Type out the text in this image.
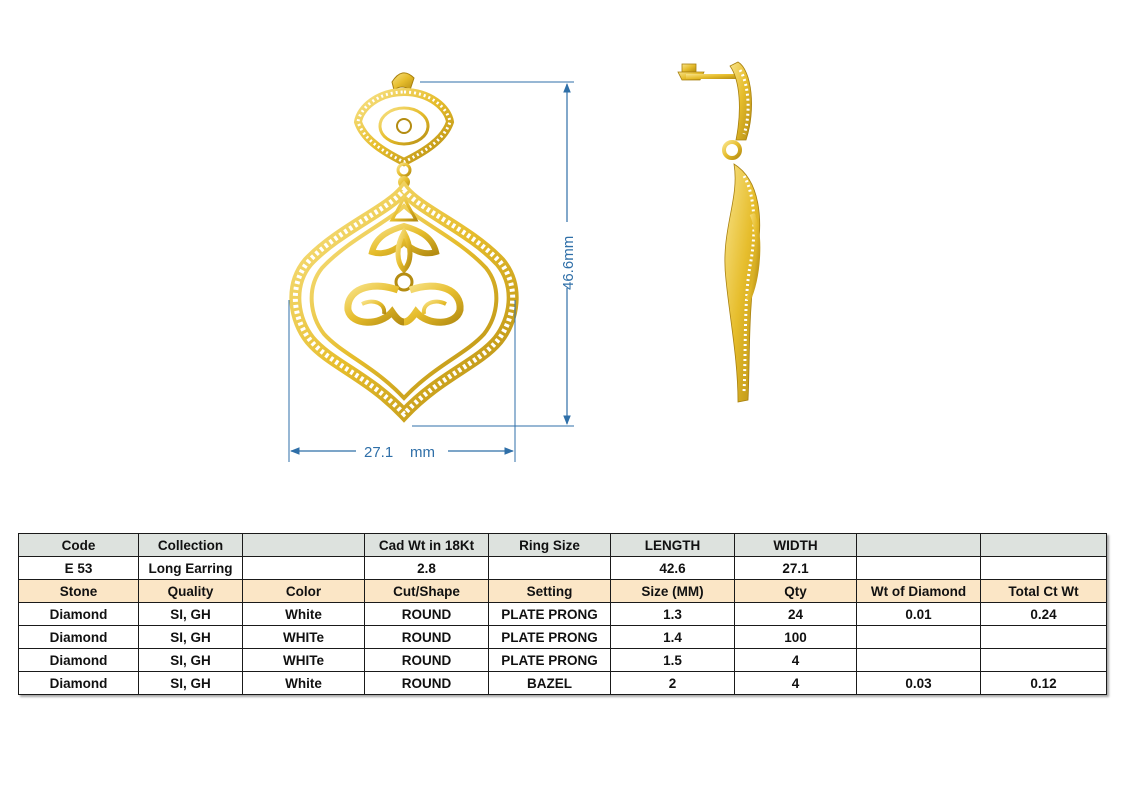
46.6mm
27.1 mm
Code	Collection		Cad Wt in 18Kt	Ring Size	LENGTH	WIDTH		
E 53	Long Earring		2.8		42.6	27.1		
Stone	Quality	Color	Cut/Shape	Setting	Size (MM)	Qty	Wt of Diamond	Total Ct Wt
Diamond	SI, GH	White	ROUND	PLATE PRONG	1.3	24	0.01	0.24
Diamond	SI, GH	WHITe	ROUND	PLATE PRONG	1.4	100		
Diamond	SI, GH	WHITe	ROUND	PLATE PRONG	1.5	4		
Diamond	SI, GH	White	ROUND	BAZEL	2	4	0.03	0.12
